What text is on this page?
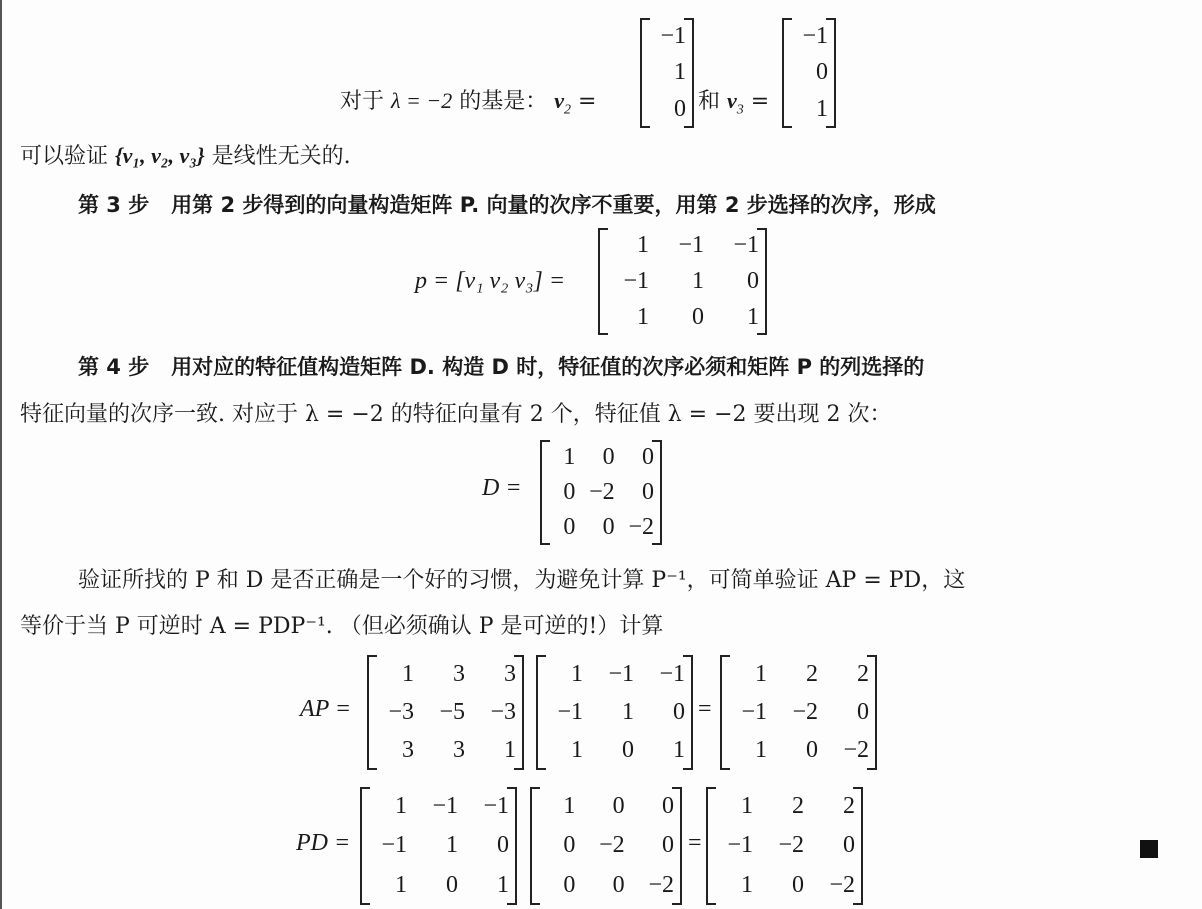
对于 λ = −2 的基是： $v_2$ =
−1
1
0 和 $v_3$ =
−1
0
1
可以验证 {v₁, v₂, v₃} 是线性无关的.
第 3 步 用第 2 步得到的向量构造矩阵 P. 向量的次序不重要，用第 2 步选择的次序，形成
p = [v₁ v₂ v₃] =
1 −1 −1
−1 1 0
1 0 1
第 4 步 用对应的特征值构造矩阵 D. 构造 D 时，特征值的次序必须和矩阵 P 的列选择的
特征向量的次序一致. 对应于 λ = −2 的特征向量有 2 个，特征值 λ = −2 要出现 2 次：
D =
1 0 0
0 −2 0
0 0 −2
验证所找的 P 和 D 是否正确是一个好的习惯，为避免计算 P⁻¹，可简单验证 AP = PD，这
等价于当 P 可逆时 A = PDP⁻¹. （但必须确认 P 是可逆的!）计算
AP =
1 3 3
−3 −5 −3
3 3 1
1 −1 −1
−1 1 0
1 0 1
=
1 2 2
−1 −2 0
1 0 −2
PD =
1 −1 −1
−1 1 0
1 0 1
1 0 0
0 −2 0
0 0 −2
=
1 2 2
−1 −2 0
1 0 −2
